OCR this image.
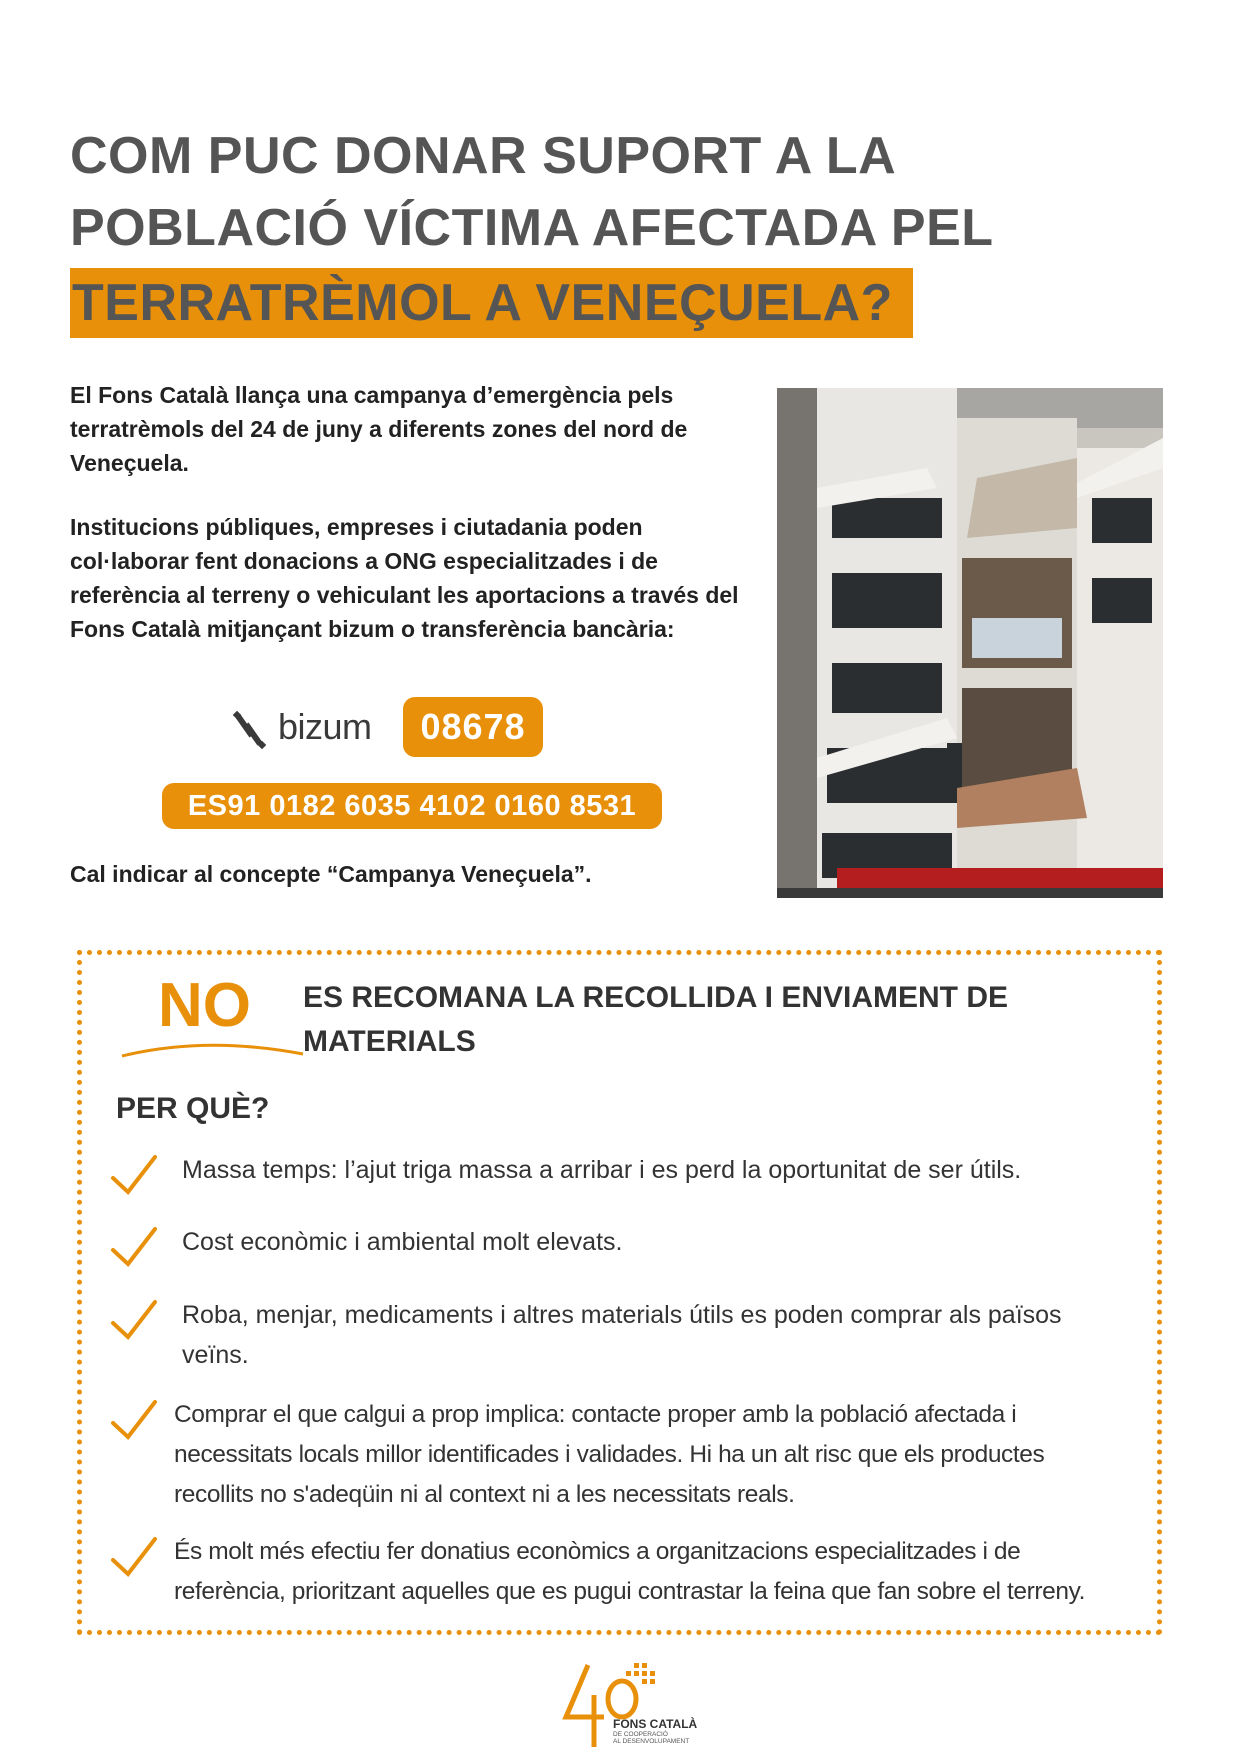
COM PUC DONAR SUPORT A LA
POBLACIÓ VÍCTIMA AFECTADA PEL
TERRATRÈMOL A VENEÇUELA?

El Fons Català llança una campanya d’emergència pels terratrèmols del 24 de juny a diferents zones del nord de Veneçuela.

Institucions públiques, empreses i ciutadania poden col·laborar fent donacions a ONG especialitzades i de referència al terreny o vehiculant les aportacions a través del Fons Català mitjançant bizum o transferència bancària:

bizum	08678
ES91 0182 6035 4102 0160 8531
Cal indicar al concepte “Campanya Veneçuela”.
NO ES RECOMANA LA RECOLLIDA I ENVIAMENT DE MATERIALS
PER QUÈ?
Massa temps: l’ajut triga massa a arribar i es perd la oportunitat de ser útils.
Cost econòmic i ambiental molt elevats.
Roba, menjar, medicaments i altres materials útils es poden comprar als països veïns.
Comprar el que calgui a prop implica: contacte proper amb la població afectada i necessitats locals millor identificades i validades. Hi ha un alt risc que els productes recollits no s'adeqüin ni al context ni a les necessitats reals.
És molt més efectiu fer donatius econòmics a organitzacions especialitzades i de referència, prioritzant aquelles que es pugui contrastar la feina que fan sobre el terreny.
FONS CATALÀ
DE COOPERACIÓ
AL DESENVOLUPAMENT
